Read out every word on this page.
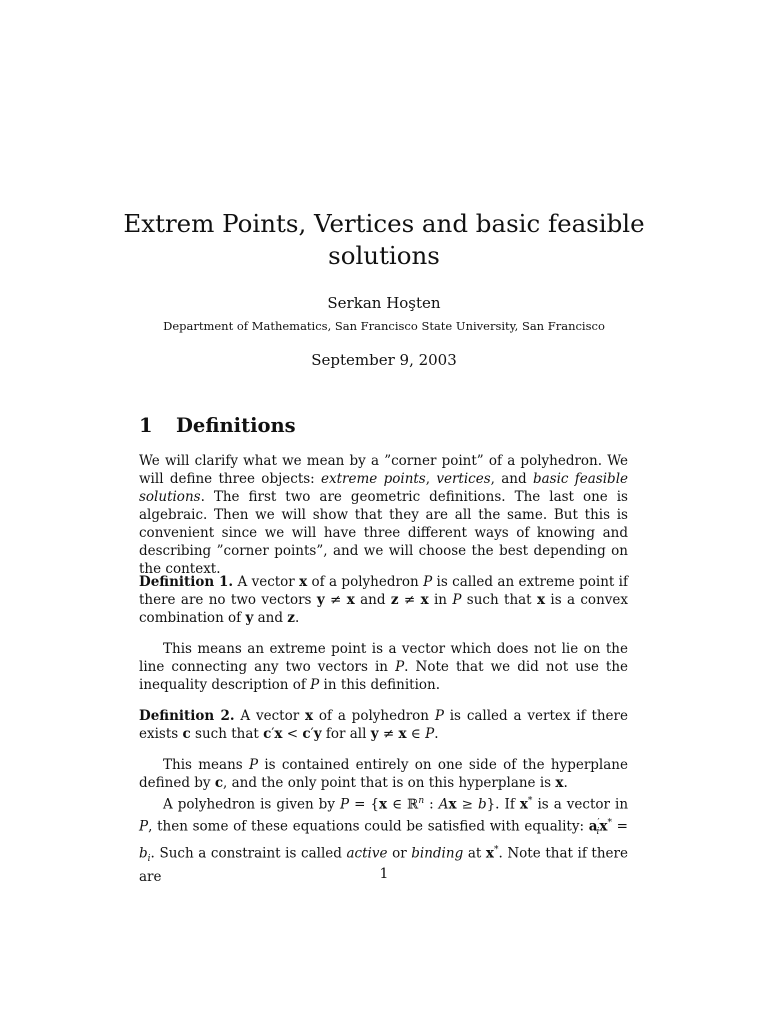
Extrem Points, Vertices and basic feasible
solutions
Serkan Hoşten
Department of Mathematics, San Francisco State University, San Francisco
September 9, 2003
1 Definitions

We will clarify what we mean by a ”corner point” of a polyhedron. We will define three objects: extreme points, vertices, and basic feasible solutions. The first two are geometric definitions. The last one is algebraic. Then we will show that they are all the same. But this is convenient since we will have three different ways of knowing and describing ”corner points”, and we will choose the best depending on the context.

Definition 1. A vector x of a polyhedron P is called an extreme point if there are no two vectors y ≠ x and z ≠ x in P such that x is a convex combination of y and z.

This means an extreme point is a vector which does not lie on the line connecting any two vectors in P. Note that we did not use the inequality description of P in this definition.

Definition 2. A vector x of a polyhedron P is called a vertex if there exists c such that c′x < c′y for all y ≠ x ∈ P.

This means P is contained entirely on one side of the hyperplane defined by c, and the only point that is on this hyperplane is x.

A polyhedron is given by P = {x ∈ ℝ$^n$ : Ax ≥ b}. If x* is a vector in P, then some of these equations could be satisfied with equality: $a'_ix^* = b_i$. Such a constraint is called active or binding at x*. Note that if there are	1
